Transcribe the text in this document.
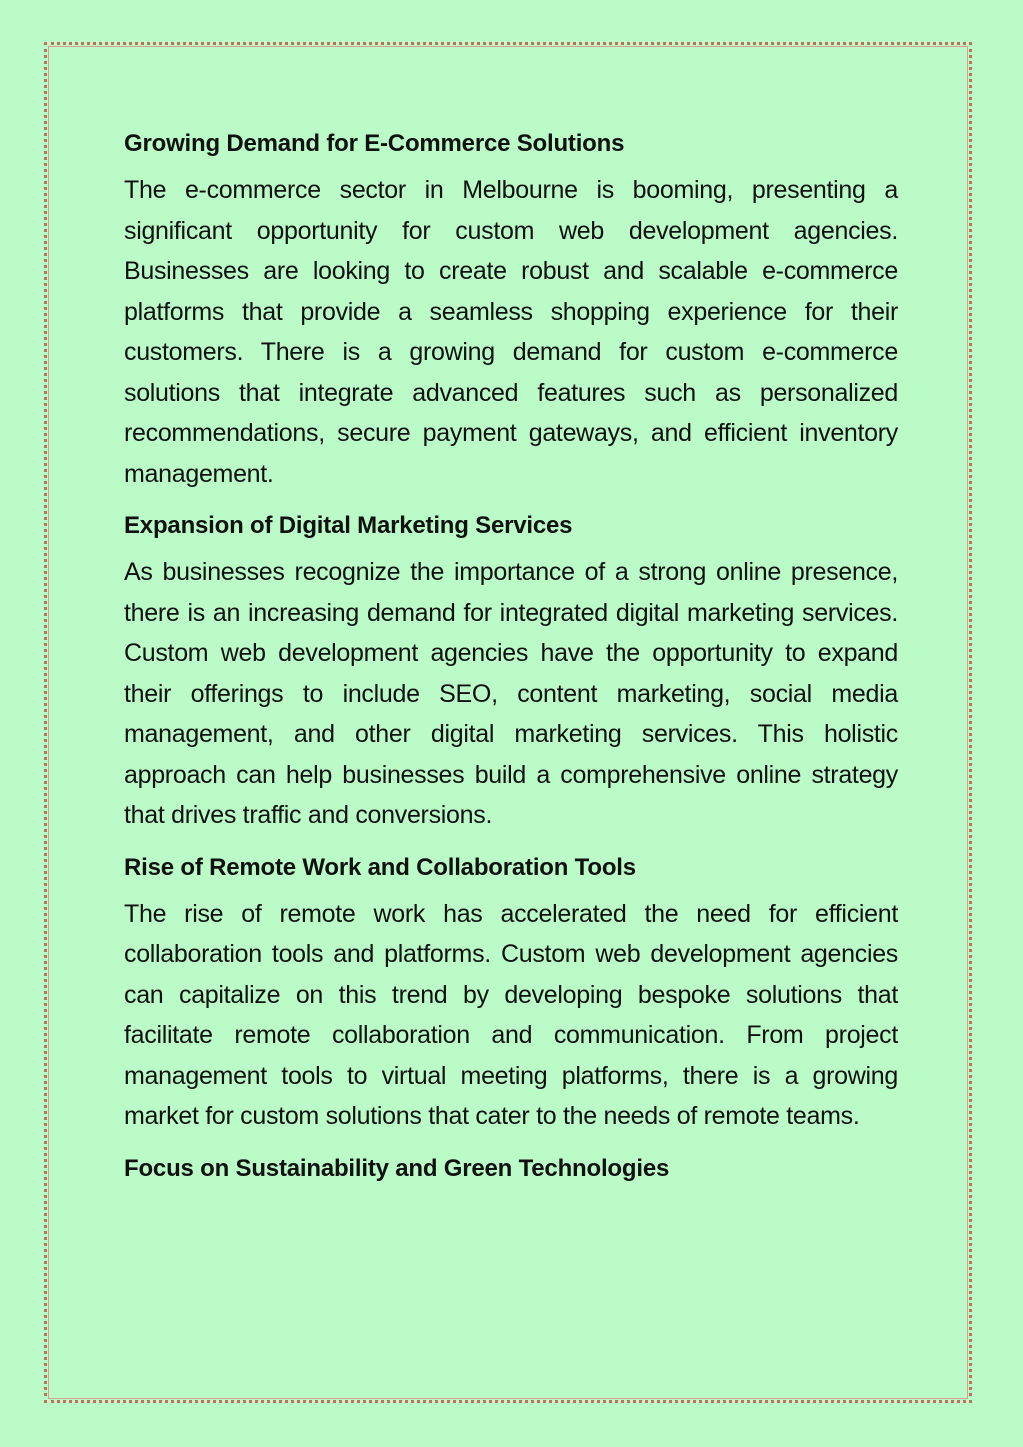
Growing Demand for E-Commerce Solutions

The e-commerce sector in Melbourne is booming, presenting a significant opportunity for custom web development agencies. Businesses are looking to create robust and scalable e-commerce platforms that provide a seamless shopping experience for their customers. There is a growing demand for custom e-commerce solutions that integrate advanced features such as personalized recommendations, secure payment gateways, and efficient inventory management.

Expansion of Digital Marketing Services

As businesses recognize the importance of a strong online presence, there is an increasing demand for integrated digital marketing services. Custom web development agencies have the opportunity to expand their offerings to include SEO, content marketing, social media management, and other digital marketing services. This holistic approach can help businesses build a comprehensive online strategy that drives traffic and conversions.

Rise of Remote Work and Collaboration Tools

The rise of remote work has accelerated the need for efficient collaboration tools and platforms. Custom web development agencies can capitalize on this trend by developing bespoke solutions that facilitate remote collaboration and communication. From project management tools to virtual meeting platforms, there is a growing market for custom solutions that cater to the needs of remote teams.

Focus on Sustainability and Green Technologies
